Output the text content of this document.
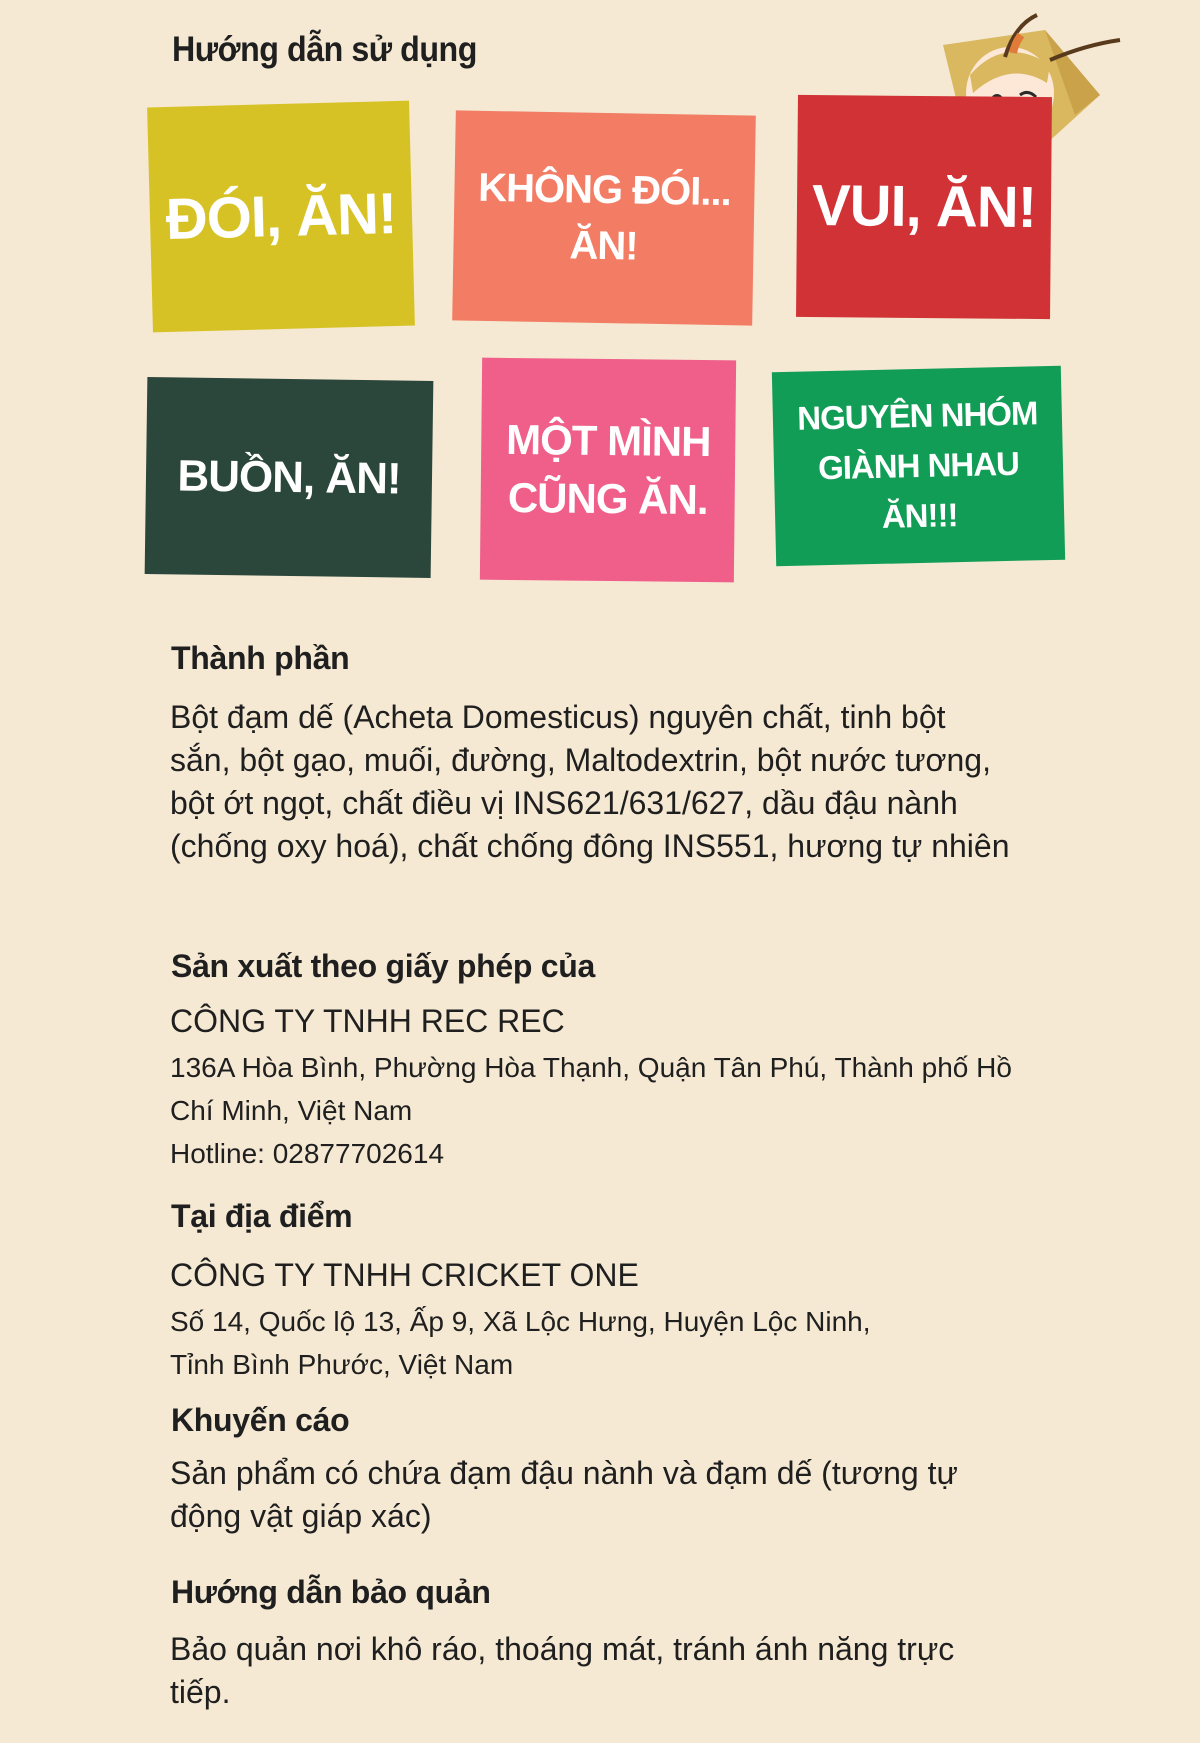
Hướng dẫn sử dụng
ĐÓI, ĂN! KHÔNG ĐÓI...
ĂN!
VUI, ĂN!
BUỒN, ĂN!
MỘT MÌNH
CŨNG ĂN.
NGUYÊN NHÓM
GIÀNH NHAU
ĂN!!!
Thành phần
Bột đạm dế (Acheta Domesticus) nguyên chất, tinh bột
sắn, bột gạo, muối, đường, Maltodextrin, bột nước tương,
bột ớt ngọt, chất điều vị INS621/631/627, dầu đậu nành
(chống oxy hoá), chất chống đông INS551, hương tự nhiên
Sản xuất theo giấy phép của
CÔNG TY TNHH REC REC
136A Hòa Bình, Phường Hòa Thạnh, Quận Tân Phú, Thành phố Hồ
Chí Minh, Việt Nam
Hotline: 02877702614
Tại địa điểm
CÔNG TY TNHH CRICKET ONE
Số 14, Quốc lộ 13, Ấp 9, Xã Lộc Hưng, Huyện Lộc Ninh,
Tỉnh Bình Phước, Việt Nam
Khuyến cáo
Sản phẩm có chứa đạm đậu nành và đạm dế (tương tự
động vật giáp xác)
Hướng dẫn bảo quản
Bảo quản nơi khô ráo, thoáng mát, tránh ánh năng trực
tiếp.
